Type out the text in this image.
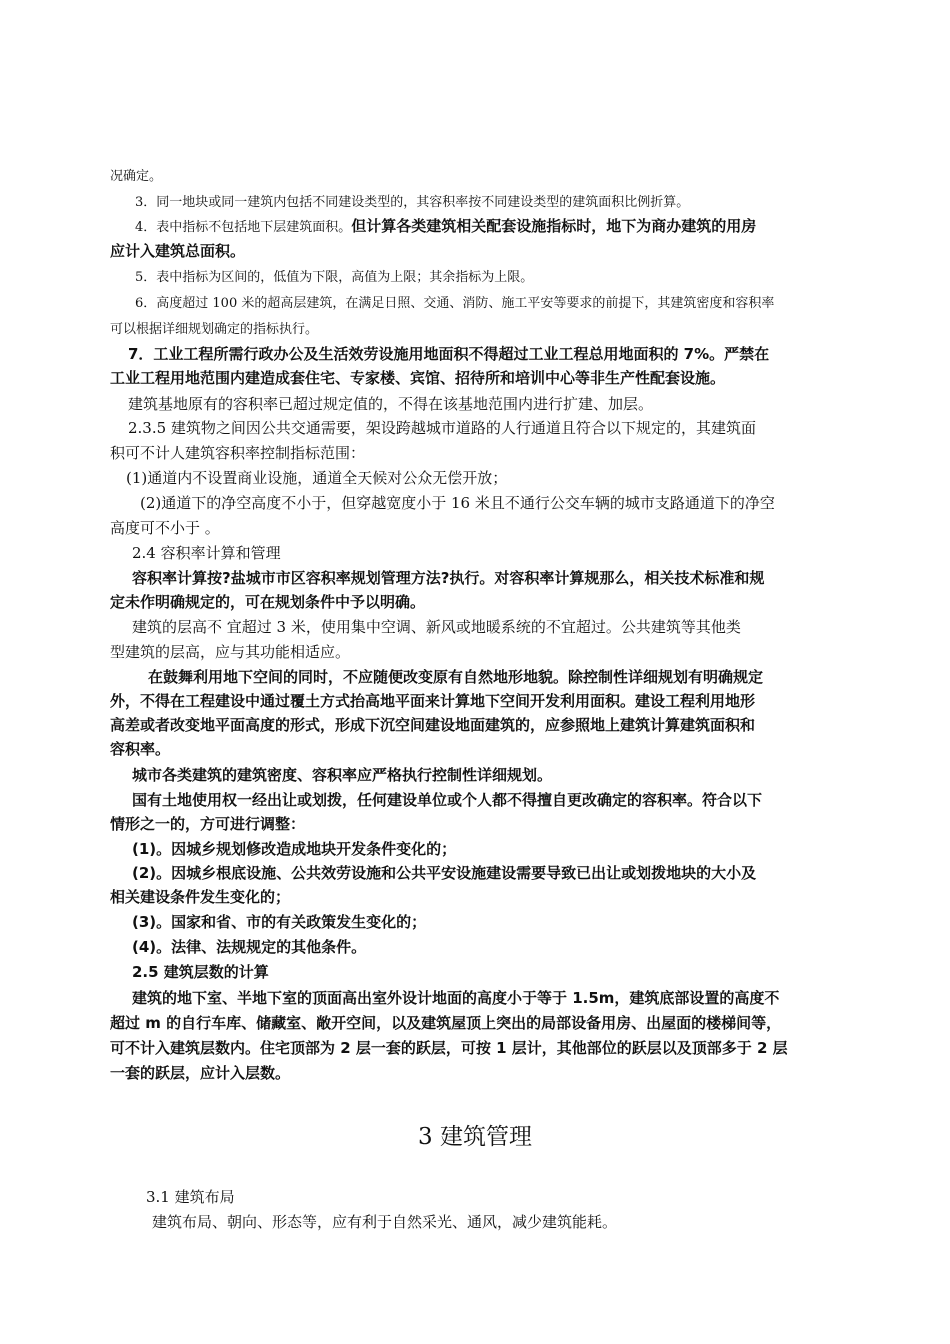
况确定。
3．同一地块或同一建筑内包括不同建设类型的，其容积率按不同建设类型的建筑面积比例折算。
4．表中指标不包括地下层建筑面积。但计算各类建筑相关配套设施指标时，地下为商办建筑的用房
应计入建筑总面积。
5．表中指标为区间的，低值为下限，高值为上限；其余指标为上限。
6．高度超过 100 米的超高层建筑，在满足日照、交通、消防、施工平安等要求的前提下，其建筑密度和容积率
可以根据详细规划确定的指标执行。
7．工业工程所需行政办公及生活效劳设施用地面积不得超过工业工程总用地面积的 7%。严禁在
工业工程用地范围内建造成套住宅、专家楼、宾馆、招待所和培训中心等非生产性配套设施。
建筑基地原有的容积率已超过规定值的，不得在该基地范围内进行扩建、加层。
2.3.5 建筑物之间因公共交通需要，架设跨越城市道路的人行通道且符合以下规定的，其建筑面
积可不计人建筑容积率控制指标范围：
(1)通道内不设置商业设施，通道全天候对公众无偿开放；
(2)通道下的净空高度不小于，但穿越宽度小于 16 米且不通行公交车辆的城市支路通道下的净空
高度可不小于 。
2.4 容积率计算和管理
容积率计算按?盐城市市区容积率规划管理方法?执行。对容积率计算规那么，相关技术标准和规
定未作明确规定的，可在规划条件中予以明确。
建筑的层高不 宜超过 3 米，使用集中空调、新风或地暖系统的不宜超过。公共建筑等其他类
型建筑的层高，应与其功能相适应。
在鼓舞利用地下空间的同时，不应随便改变原有自然地形地貌。除控制性详细规划有明确规定
外，不得在工程建设中通过覆土方式抬高地平面来计算地下空间开发利用面积。建设工程利用地形
高差或者改变地平面高度的形式，形成下沉空间建设地面建筑的，应参照地上建筑计算建筑面积和
容积率。
城市各类建筑的建筑密度、容积率应严格执行控制性详细规划。
国有土地使用权一经出让或划拨，任何建设单位或个人都不得擅自更改确定的容积率。符合以下
情形之一的，方可进行调整：
(1)。因城乡规划修改造成地块开发条件变化的；
(2)。因城乡根底设施、公共效劳设施和公共平安设施建设需要导致已出让或划拨地块的大小及
相关建设条件发生变化的；
(3)。国家和省、市的有关政策发生变化的；
(4)。法律、法规规定的其他条件。
2.5 建筑层数的计算
建筑的地下室、半地下室的顶面高出室外设计地面的高度小于等于 1.5m，建筑底部设置的高度不
超过 m 的自行车库、储藏室、敞开空间，以及建筑屋顶上突出的局部设备用房、出屋面的楼梯间等，
可不计入建筑层数内。住宅顶部为 2 层一套的跃层，可按 1 层计，其他部位的跃层以及顶部多于 2 层
一套的跃层，应计入层数。
3 建筑管理
3.1 建筑布局
建筑布局、朝向、形态等，应有利于自然采光、通风，减少建筑能耗。
